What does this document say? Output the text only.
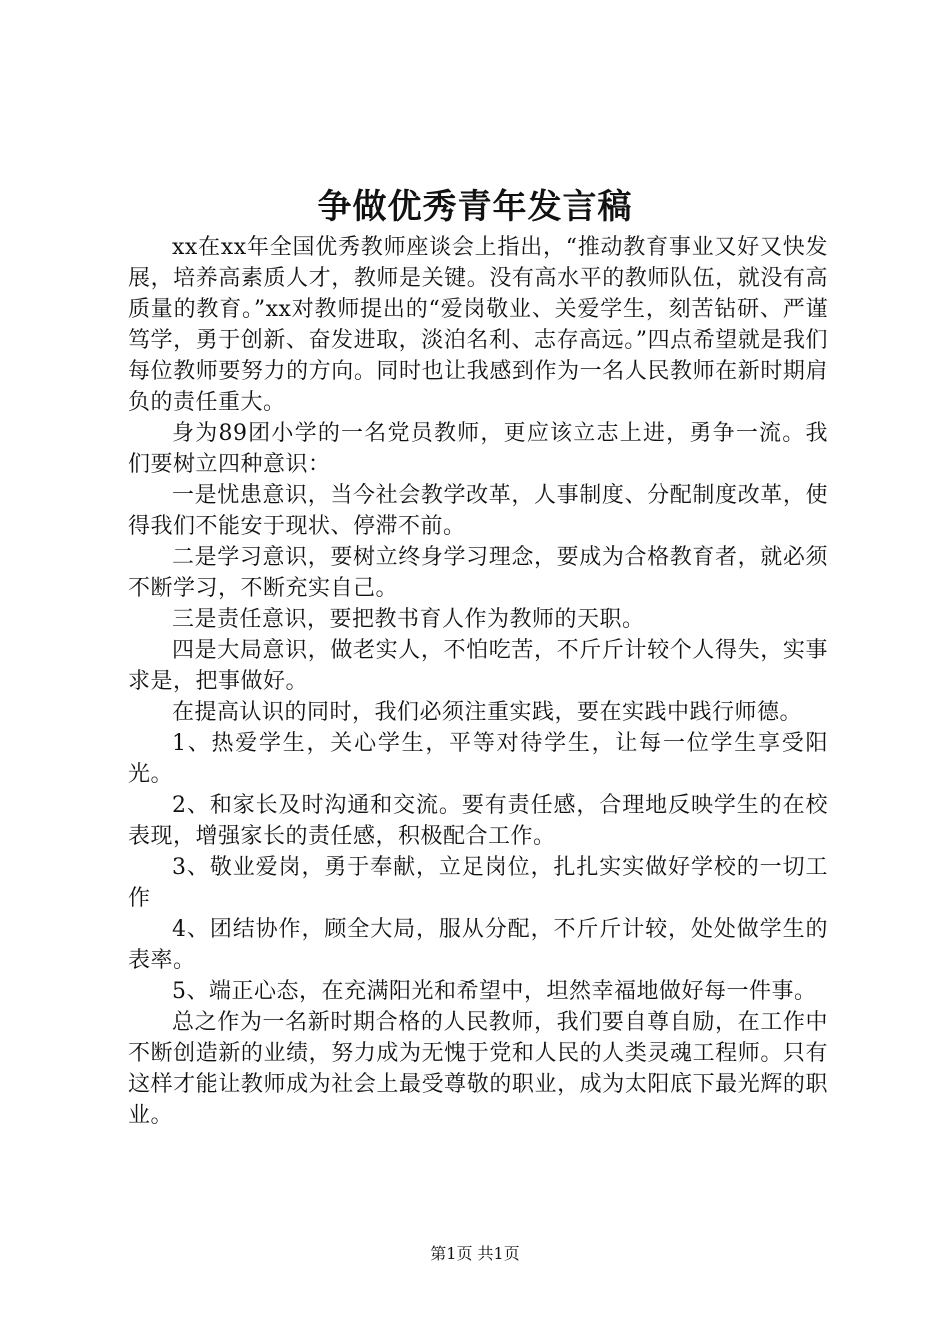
争做优秀青年发言稿

xx在xx年全国优秀教师座谈会上指出，“推动教育事业又好又快发展，培养高素质人才，教师是关键。没有高水平的教师队伍，就没有高质量的教育。”xx对教师提出的“爱岗敬业、关爱学生，刻苦钻研、严谨笃学，勇于创新、奋发进取，淡泊名利、志存高远。”四点希望就是我们每位教师要努力的方向。同时也让我感到作为一名人民教师在新时期肩负的责任重大。

身为89团小学的一名党员教师，更应该立志上进，勇争一流。我们要树立四种意识：

一是忧患意识，当今社会教学改革，人事制度、分配制度改革，使得我们不能安于现状、停滞不前。

二是学习意识，要树立终身学习理念，要成为合格教育者，就必须不断学习，不断充实自己。

三是责任意识，要把教书育人作为教师的天职。

四是大局意识，做老实人，不怕吃苦，不斤斤计较个人得失，实事求是，把事做好。

在提高认识的同时，我们必须注重实践，要在实践中践行师德。

1、热爱学生，关心学生，平等对待学生，让每一位学生享受阳光。

2、和家长及时沟通和交流。要有责任感，合理地反映学生的在校表现，增强家长的责任感，积极配合工作。

3、敬业爱岗，勇于奉献，立足岗位，扎扎实实做好学校的一切工作

4、团结协作，顾全大局，服从分配，不斤斤计较，处处做学生的表率。

5、端正心态，在充满阳光和希望中，坦然幸福地做好每一件事。

总之作为一名新时期合格的人民教师，我们要自尊自励，在工作中不断创造新的业绩，努力成为无愧于党和人民的人类灵魂工程师。只有这样才能让教师成为社会上最受尊敬的职业，成为太阳底下最光辉的职业。

第1页 共1页
